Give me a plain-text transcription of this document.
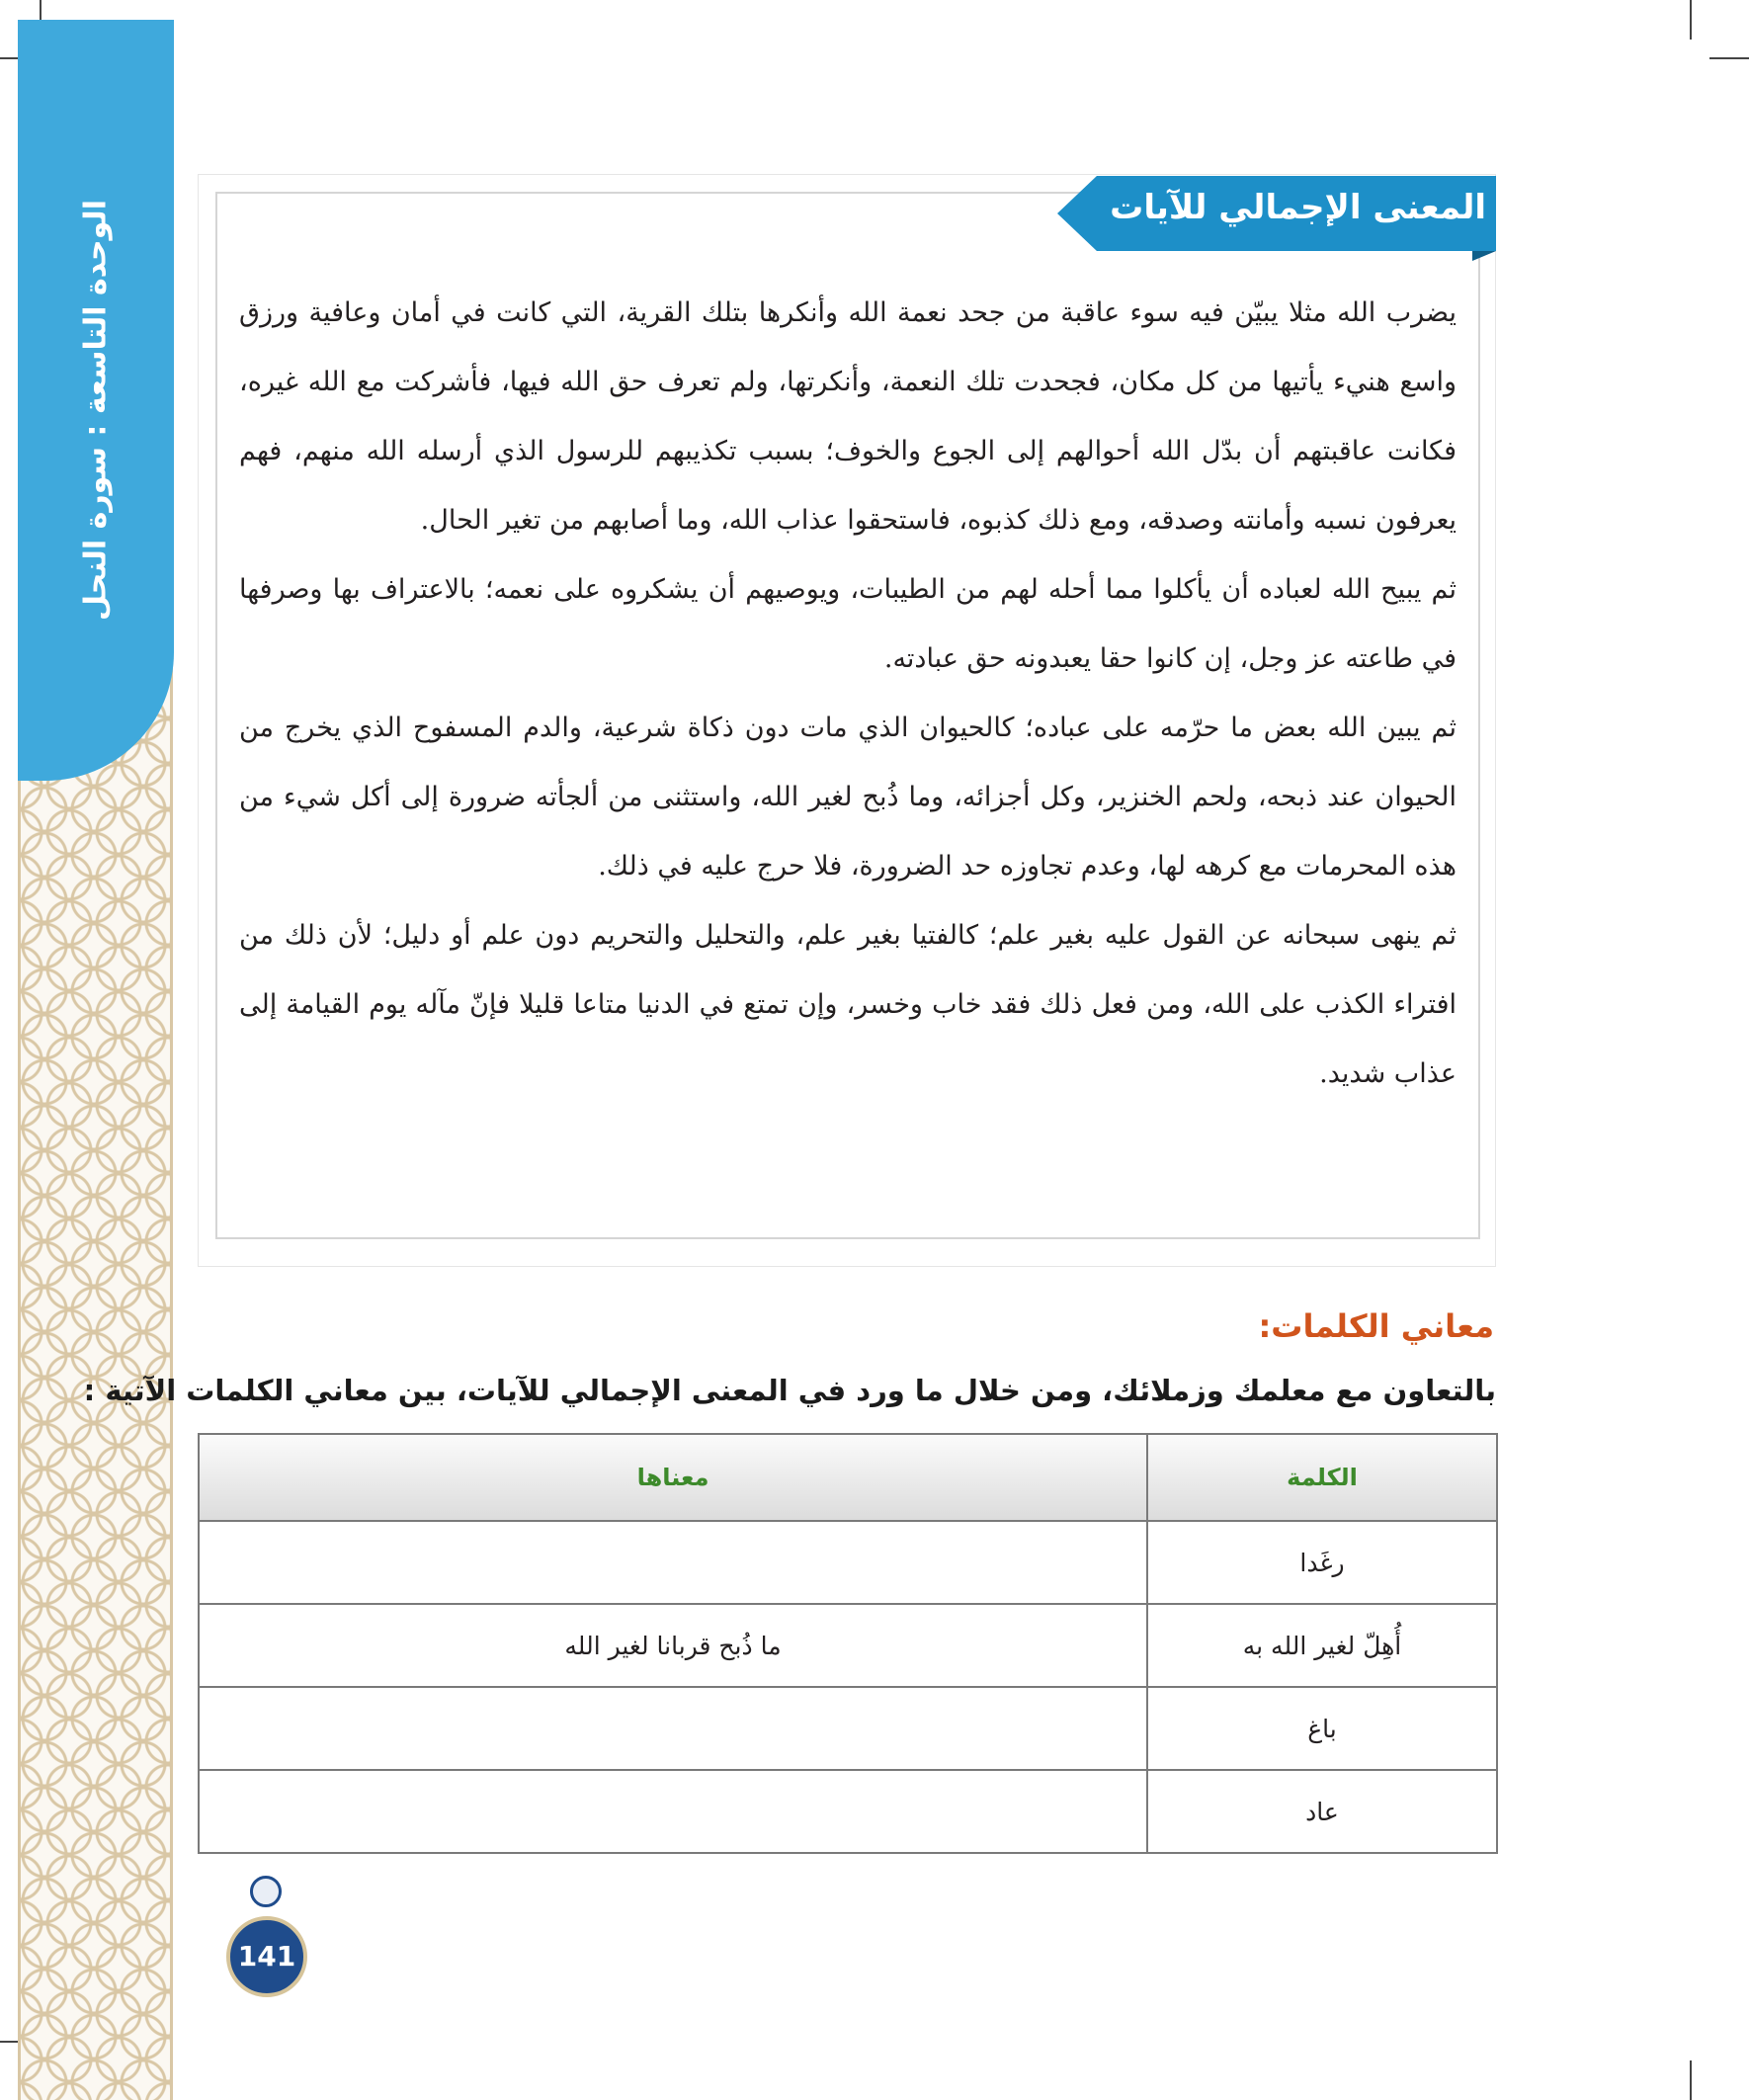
الوحدة التاسعة : سورة النحل	المعنى الإجمالي للآيات

يضرب الله مثلا يبيّن فيه سوء عاقبة من جحد نعمة الله وأنكرها بتلك القرية، التي كانت في أمان وعافية ورزق واسع هنيء يأتيها من كل مكان، فجحدت تلك النعمة، وأنكرتها، ولم تعرف حق الله فيها، فأشركت مع الله غيره، فكانت عاقبتهم أن بدّل الله أحوالهم إلى الجوع والخوف؛ بسبب تكذيبهم للرسول الذي أرسله الله منهم، فهم يعرفون نسبه وأمانته وصدقه، ومع ذلك كذبوه، فاستحقوا عذاب الله، وما أصابهم من تغير الحال.

ثم يبيح الله لعباده أن يأكلوا مما أحله لهم من الطيبات، ويوصيهم أن يشكروه على نعمه؛ بالاعتراف بها وصرفها في طاعته عز وجل، إن كانوا حقا يعبدونه حق عبادته.

ثم يبين الله بعض ما حرّمه على عباده؛ كالحيوان الذي مات دون ذكاة شرعية، والدم المسفوح الذي يخرج من الحيوان عند ذبحه، ولحم الخنزير، وكل أجزائه، وما ذُبح لغير الله، واستثنى من ألجأته ضرورة إلى أكل شيء من هذه المحرمات مع كرهه لها، وعدم تجاوزه حد الضرورة، فلا حرج عليه في ذلك.

ثم ينهى سبحانه عن القول عليه بغير علم؛ كالفتيا بغير علم، والتحليل والتحريم دون علم أو دليل؛ لأن ذلك من افتراء الكذب على الله، ومن فعل ذلك فقد خاب وخسر، وإن تمتع في الدنيا متاعا قليلا فإنّ مآله يوم القيامة إلى عذاب شديد.

معاني الكلمات:
بالتعاون مع معلمك وزملائك، ومن خلال ما ورد في المعنى الإجمالي للآيات، بين معاني الكلمات الآتية :
الكلمة	معناها
رغَدا	
أُهِلّ لغير الله به	ما ذُبح قربانا لغير الله
باغ	
عاد	
141
